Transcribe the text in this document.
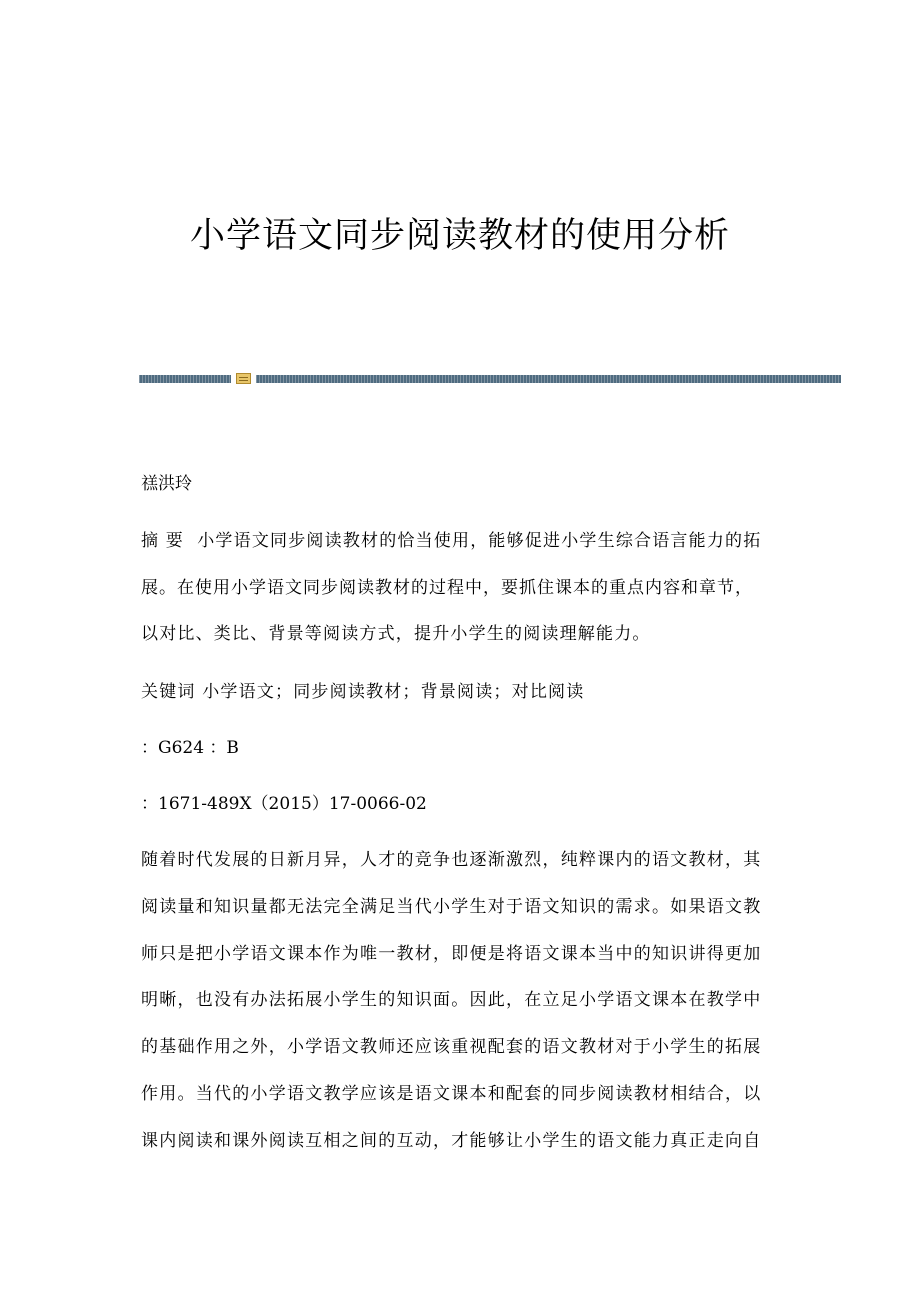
小学语文同步阅读教材的使用分析

禚洪玲

摘 要 小学语文同步阅读教材的恰当使用，能够促进小学生综合语言能力的拓

展。在使用小学语文同步阅读教材的过程中，要抓住课本的重点内容和章节，

以对比、类比、背景等阅读方式，提升小学生的阅读理解能力。

关键词 小学语文；同步阅读教材；背景阅读；对比阅读

：G624 ：B

：1671-489X（2015）17-0066-02

随着时代发展的日新月异，人才的竞争也逐渐激烈，纯粹课内的语文教材，其

阅读量和知识量都无法完全满足当代小学生对于语文知识的需求。如果语文教

师只是把小学语文课本作为唯一教材，即便是将语文课本当中的知识讲得更加

明晰，也没有办法拓展小学生的知识面。因此，在立足小学语文课本在教学中

的基础作用之外，小学语文教师还应该重视配套的语文教材对于小学生的拓展

作用。当代的小学语文教学应该是语文课本和配套的同步阅读教材相结合，以

课内阅读和课外阅读互相之间的互动，才能够让小学生的语文能力真正走向自
